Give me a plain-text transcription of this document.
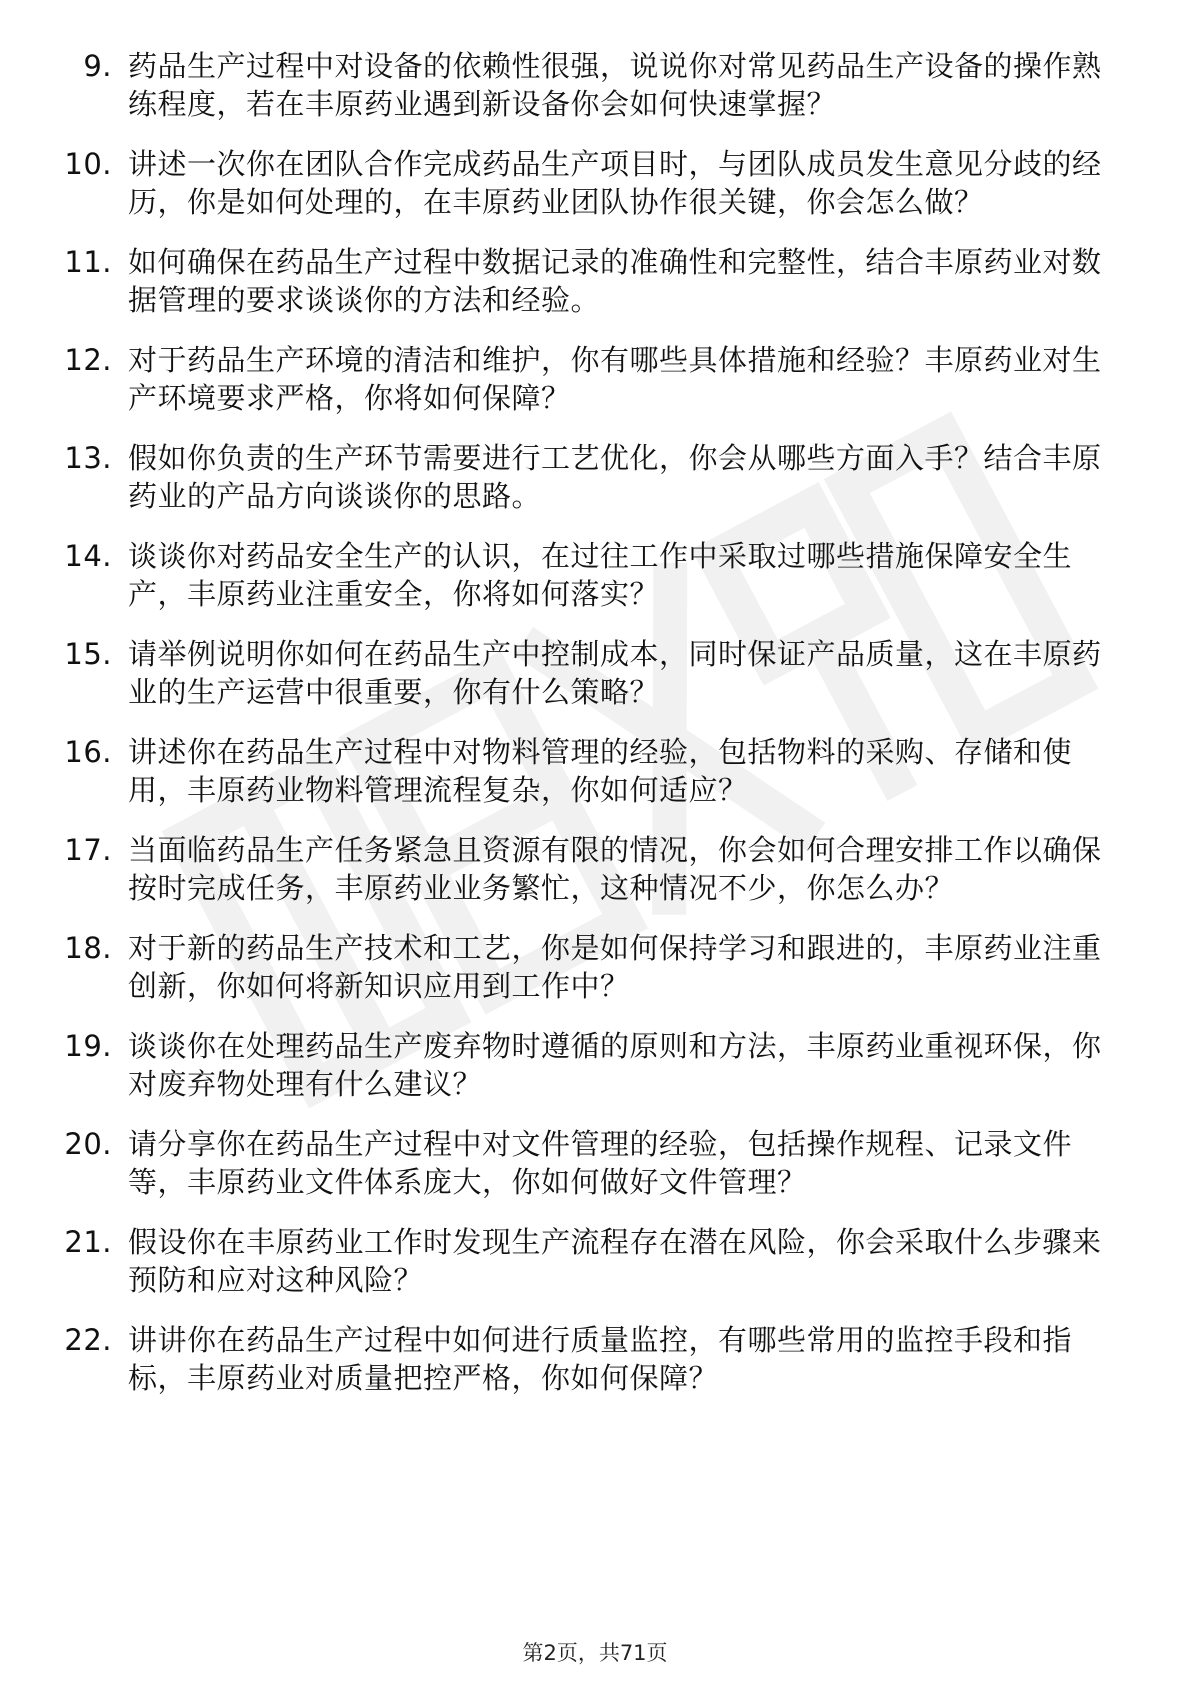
9. 药品生产过程中对设备的依赖性很强，说说你对常见药品生产设备的操作熟练程度，若在丰原药业遇到新设备你会如何快速掌握？
10. 讲述一次你在团队合作完成药品生产项目时，与团队成员发生意见分歧的经历，你是如何处理的，在丰原药业团队协作很关键，你会怎么做？
11. 如何确保在药品生产过程中数据记录的准确性和完整性，结合丰原药业对数据管理的要求谈谈你的方法和经验。
12. 对于药品生产环境的清洁和维护，你有哪些具体措施和经验？丰原药业对生产环境要求严格，你将如何保障？
13. 假如你负责的生产环节需要进行工艺优化，你会从哪些方面入手？结合丰原药业的产品方向谈谈你的思路。
14. 谈谈你对药品安全生产的认识，在过往工作中采取过哪些措施保障安全生产，丰原药业注重安全，你将如何落实？
15. 请举例说明你如何在药品生产中控制成本，同时保证产品质量，这在丰原药业的生产运营中很重要，你有什么策略？
16. 讲述你在药品生产过程中对物料管理的经验，包括物料的采购、存储和使用，丰原药业物料管理流程复杂，你如何适应？
17. 当面临药品生产任务紧急且资源有限的情况，你会如何合理安排工作以确保按时完成任务，丰原药业业务繁忙，这种情况不少，你怎么办？
18. 对于新的药品生产技术和工艺，你是如何保持学习和跟进的，丰原药业注重创新，你如何将新知识应用到工作中？
19. 谈谈你在处理药品生产废弃物时遵循的原则和方法，丰原药业重视环保，你对废弃物处理有什么建议？
20. 请分享你在药品生产过程中对文件管理的经验，包括操作规程、记录文件等，丰原药业文件体系庞大，你如何做好文件管理？
21. 假设你在丰原药业工作时发现生产流程存在潜在风险，你会采取什么步骤来预防和应对这种风险？
22. 讲讲你在药品生产过程中如何进行质量监控，有哪些常用的监控手段和指标，丰原药业对质量把控严格，你如何保障？
第2页，共71页
